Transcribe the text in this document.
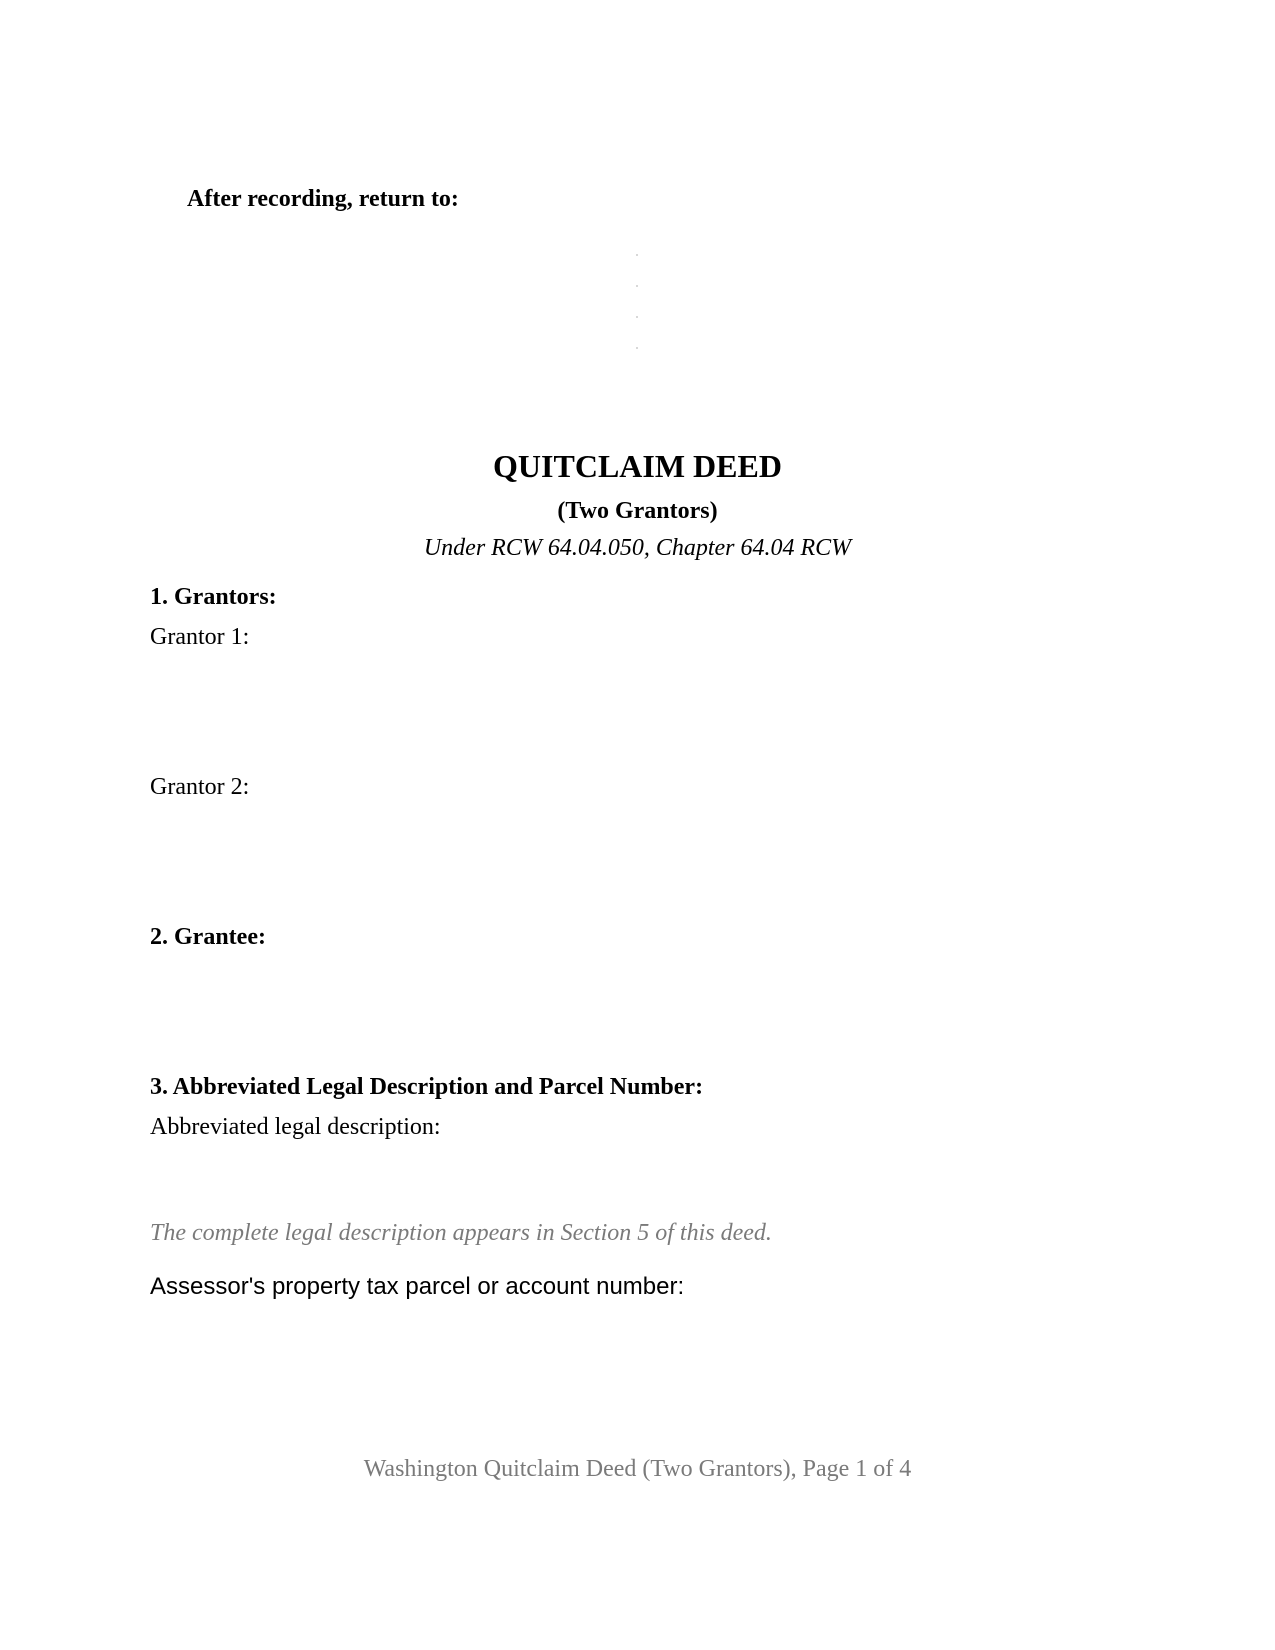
After recording, return to:
QUITCLAIM DEED
(Two Grantors)
Under RCW 64.04.050, Chapter 64.04 RCW
1. Grantors:
Grantor 1:
Grantor 2:
2. Grantee:
3. Abbreviated Legal Description and Parcel Number:
Abbreviated legal description:
The complete legal description appears in Section 5 of this deed.
Assessor's property tax parcel or account number:
Washington Quitclaim Deed (Two Grantors), Page 1 of 4
